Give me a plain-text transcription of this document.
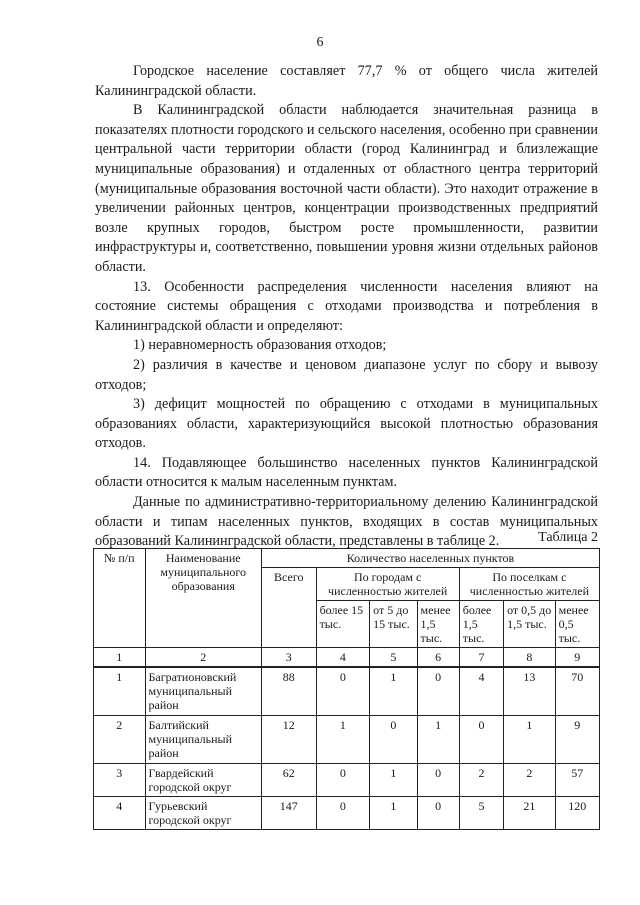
6

Городское население составляет 77,7 % от общего числа жителей Калининградской области.

В Калининградской области наблюдается значительная разница в показателях плотности городского и сельского населения, особенно при сравнении центральной части территории области (город Калининград и близлежащие муниципальные образования) и отдаленных от областного центра территорий (муниципальные образования восточной части области). Это находит отражение в увеличении районных центров, концентрации производственных предприятий возле крупных городов, быстром росте промышленности, развитии инфраструктуры и, соответственно, повышении уровня жизни отдельных районов области.

13. Особенности распределения численности населения влияют на состояние системы обращения с отходами производства и потребления в Калининградской области и определяют:

1) неравномерность образования отходов;

2) различия в качестве и ценовом диапазоне услуг по сбору и вывозу отходов;

3) дефицит мощностей по обращению с отходами в муниципальных образованиях области, характеризующийся высокой плотностью образования отходов.

14. Подавляющее большинство населенных пунктов Калининградской области относится к малым населенным пунктам.

Данные по административно-территориальному делению Калининградской области и типам населенных пунктов, входящих в состав муниципальных образований Калининградской области, представлены в таблице 2.	Таблица 2
№ п/п	Наименование муниципального образования	Количество населенных пунктов						
		Всего	По городам с численностью жителей			По поселкам с численностью жителей		
			более 15 тыс.	от 5 до 15 тыс.	менее 1,5 тыс.	более 1,5 тыс.	от 0,5 до 1,5 тыс.	менее 0,5 тыс.
1	2	3	4	5	6	7	8	9
1	Багратионовский муниципальный район	88	0	1	0	4	13	70
2	Балтийский муниципальный район	12	1	0	1	0	1	9
3	Гвардейский городской округ	62	0	1	0	2	2	57
4	Гурьевский городской округ	147	0	1	0	5	21	120
